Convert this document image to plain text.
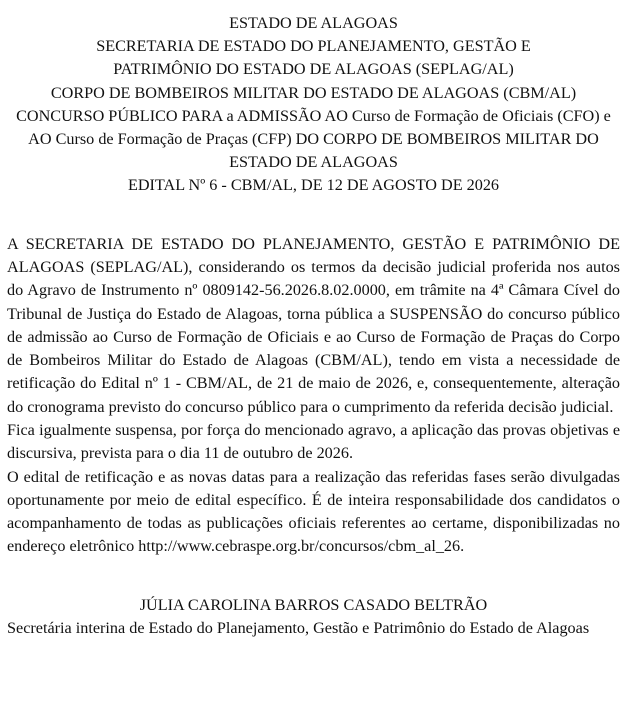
ESTADO DE ALAGOAS

SECRETARIA DE ESTADO DO PLANEJAMENTO, GESTÃO E PATRIMÔNIO DO ESTADO DE ALAGOAS (SEPLAG/AL)

CORPO DE BOMBEIROS MILITAR DO ESTADO DE ALAGOAS (CBM/AL)

CONCURSO PÚBLICO PARA a ADMISSÃO AO Curso de Formação de Oficiais (CFO) e AO Curso de Formação de Praças (CFP) DO CORPO DE BOMBEIROS MILITAR DO ESTADO DE ALAGOAS

EDITAL Nº 6 - CBM/AL, DE 12 DE AGOSTO DE 2026

A SECRETARIA DE ESTADO DO PLANEJAMENTO, GESTÃO E PATRIMÔNIO DE ALAGOAS (SEPLAG/AL), considerando os termos da decisão judicial proferida nos autos do Agravo de Instrumento nº 0809142-56.2026.8.02.0000, em trâmite na 4ª Câmara Cível do Tribunal de Justiça do Estado de Alagoas, torna pública a SUSPENSÃO do concurso público de admissão ao Curso de Formação de Oficiais e ao Curso de Formação de Praças do Corpo de Bombeiros Militar do Estado de Alagoas (CBM/AL), tendo em vista a necessidade de retificação do Edital nº 1 - CBM/AL, de 21 de maio de 2026, e, consequentemente, alteração do cronograma previsto do concurso público para o cumprimento da referida decisão judicial.

Fica igualmente suspensa, por força do mencionado agravo, a aplicação das provas objetivas e discursiva, prevista para o dia 11 de outubro de 2026.

O edital de retificação e as novas datas para a realização das referidas fases serão divulgadas oportunamente por meio de edital específico. É de inteira responsabilidade dos candidatos o acompanhamento de todas as publicações oficiais referentes ao certame, disponibilizadas no endereço eletrônico http://www.cebraspe.org.br/concursos/cbm_al_26.

JÚLIA CAROLINA BARROS CASADO BELTRÃO

Secretária interina de Estado do Planejamento, Gestão e Patrimônio do Estado de Alagoas
